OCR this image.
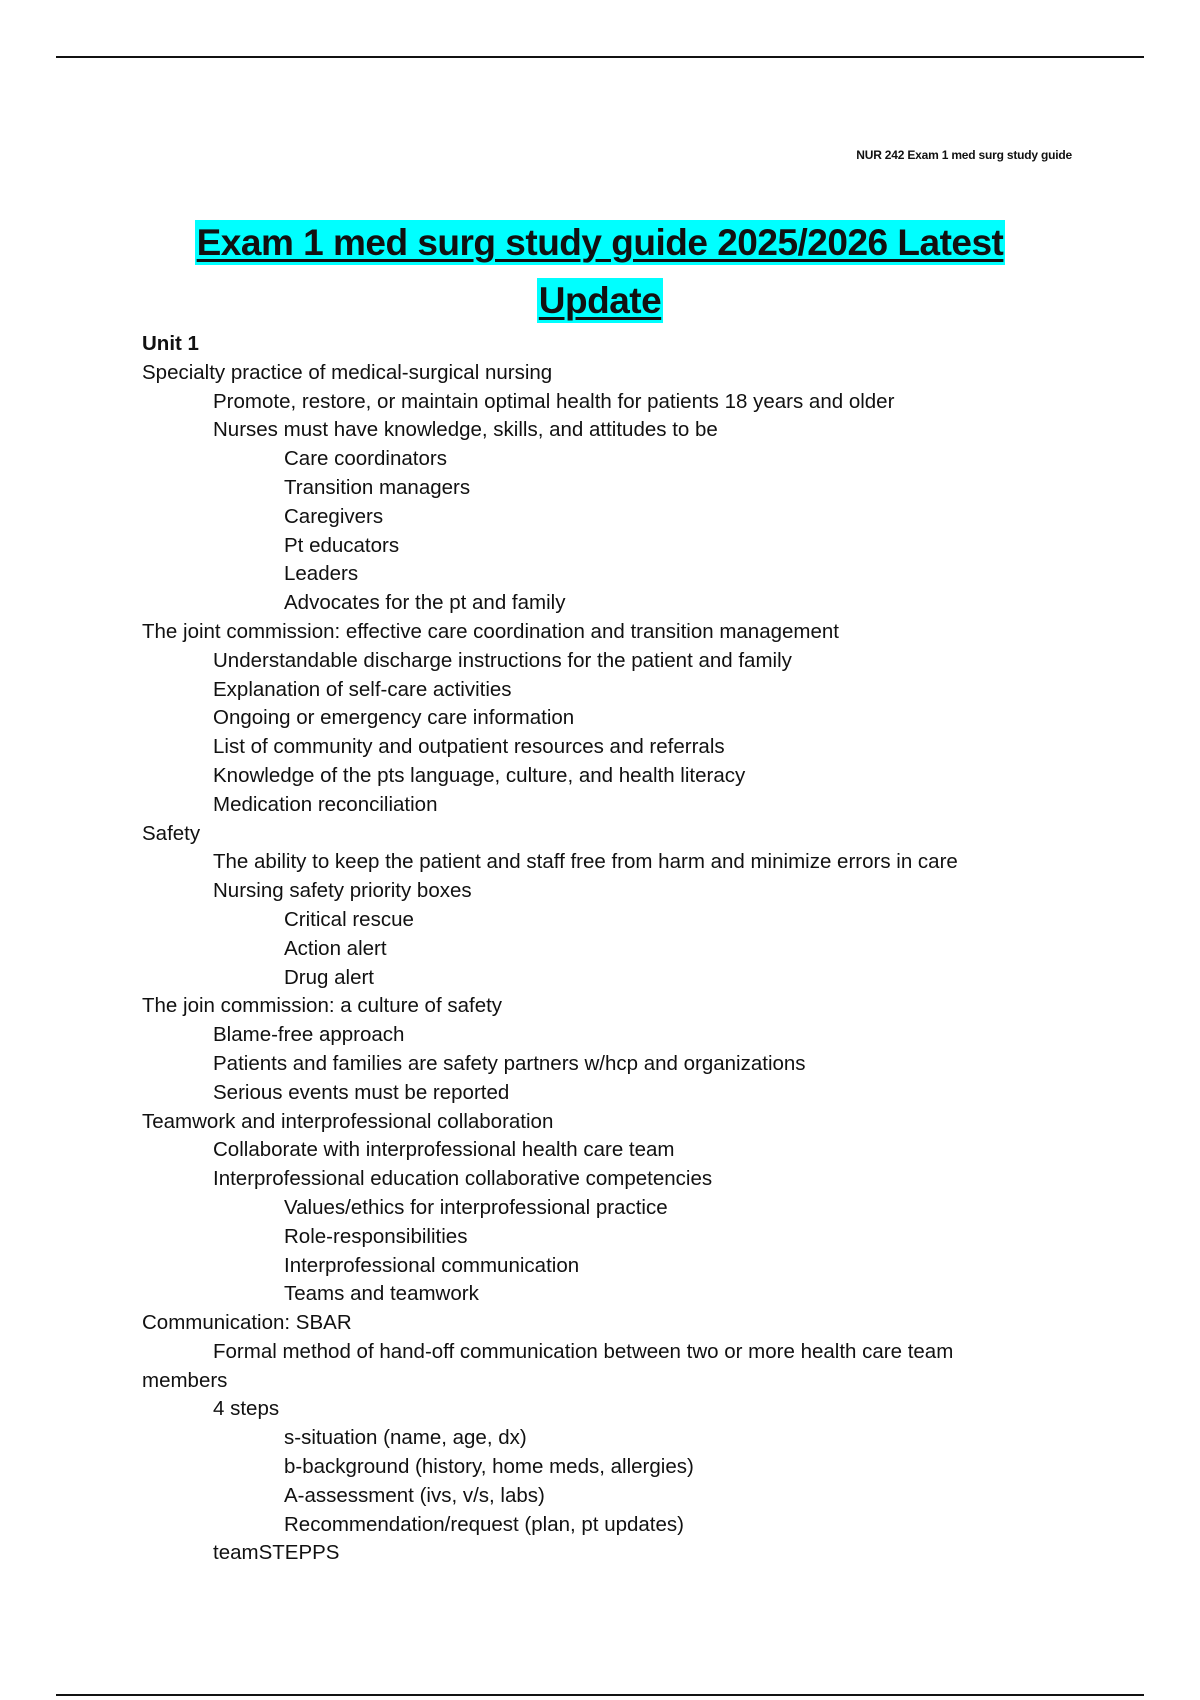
NUR 242 Exam 1 med surg study guide
Exam 1 med surg study guide 2025/2026 Latest
Update
Unit 1
Specialty practice of medical-surgical nursing
Promote, restore, or maintain optimal health for patients 18 years and older
Nurses must have knowledge, skills, and attitudes to be
Care coordinators
Transition managers
Caregivers
Pt educators
Leaders
Advocates for the pt and family
The joint commission: effective care coordination and transition management
Understandable discharge instructions for the patient and family
Explanation of self-care activities
Ongoing or emergency care information
List of community and outpatient resources and referrals
Knowledge of the pts language, culture, and health literacy
Medication reconciliation
Safety
The ability to keep the patient and staff free from harm and minimize errors in care
Nursing safety priority boxes
Critical rescue
Action alert
Drug alert
The join commission: a culture of safety
Blame-free approach
Patients and families are safety partners w/hcp and organizations
Serious events must be reported
Teamwork and interprofessional collaboration
Collaborate with interprofessional health care team
Interprofessional education collaborative competencies
Values/ethics for interprofessional practice
Role-responsibilities
Interprofessional communication
Teams and teamwork
Communication: SBAR
Formal method of hand-off communication between two or more health care team
members
4 steps
s-situation (name, age, dx)
b-background (history, home meds, allergies)
A-assessment (ivs, v/s, labs)
Recommendation/request (plan, pt updates)
teamSTEPPS
